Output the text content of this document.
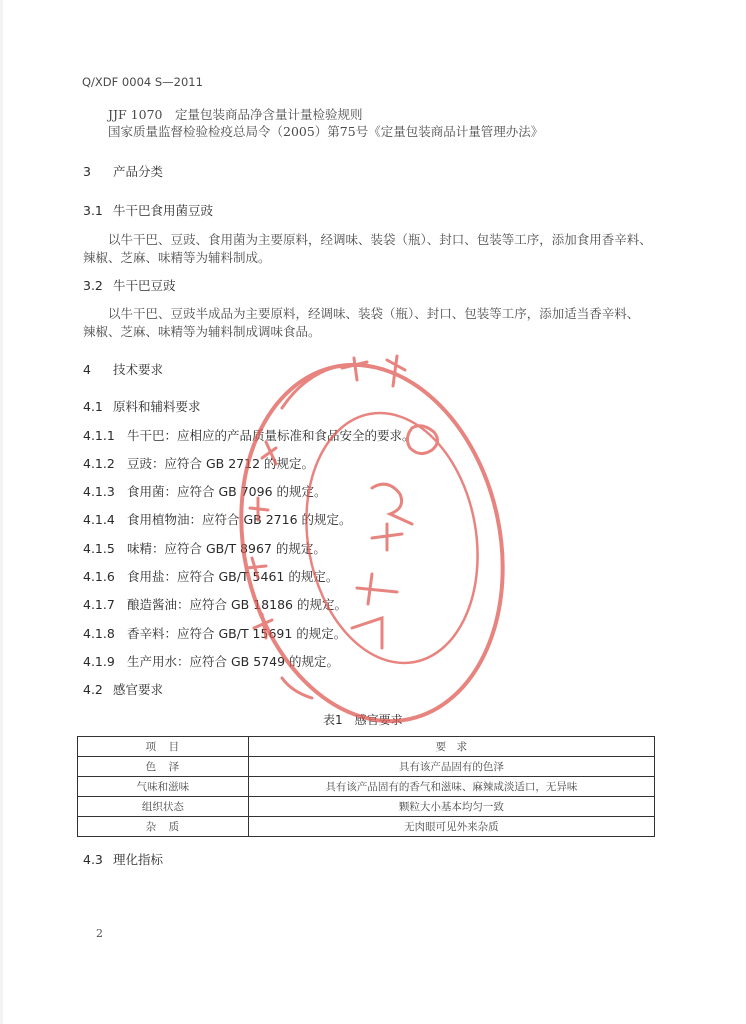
Q/XDF 0004 S—2011
JJF 1070　定量包装商品净含量计量检验规则
国家质量监督检验检疫总局令（2005）第75号《定量包装商品计量管理办法》
3 产品分类
3.1 牛干巴食用菌豆豉
以牛干巴、豆豉、食用菌为主要原料，经调味、装袋（瓶）、封口、包装等工序，添加食用香辛料、
辣椒、芝麻、味精等为辅料制成。
3.2 牛干巴豆豉
以牛干巴、豆豉半成品为主要原料，经调味、装袋（瓶）、封口、包装等工序，添加适当香辛料、
辣椒、芝麻、味精等为辅料制成调味食品。
4 技术要求
4.1 原料和辅料要求
4.1.1 牛干巴：应相应的产品质量标准和食品安全的要求。
4.1.2 豆豉：应符合 GB 2712 的规定。
4.1.3 食用菌：应符合 GB 7096 的规定。
4.1.4 食用植物油：应符合 GB 2716 的规定。
4.1.5 味精：应符合 GB/T 8967 的规定。
4.1.6 食用盐：应符合 GB/T 5461 的规定。
4.1.7 酿造酱油：应符合 GB 18186 的规定。
4.1.8 香辛料：应符合 GB/T 15691 的规定。
4.1.9 生产用水：应符合 GB 5749 的规定。
4.2 感官要求
表1　感官要求
项　目	要　求
色　泽	具有该产品固有的色泽
气味和滋味	具有该产品固有的香气和滋味、麻辣咸淡适口，无异味
组织状态	颗粒大小基本均匀一致
杂　质	无肉眼可见外来杂质
4.3 理化指标
2
